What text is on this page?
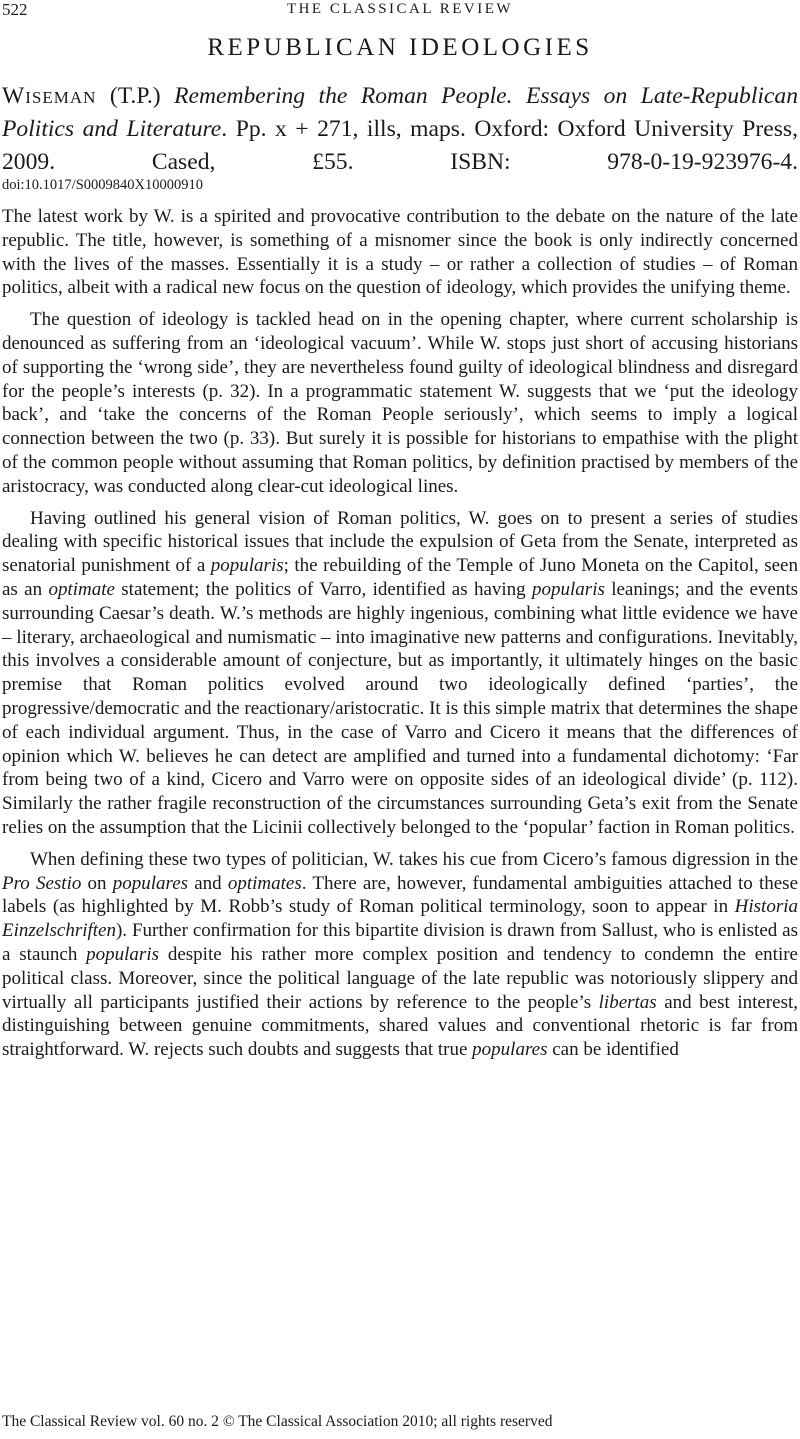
522	THE CLASSICAL REVIEW
REPUBLICAN IDEOLOGIES
Wiseman (T.P.) Remembering the Roman People. Essays on Late-Republican Politics and Literature. Pp. x + 271, ills, maps. Oxford: Oxford University Press, 2009. Cased, £55. ISBN: 978-0-19-923976-4.
doi:10.1017/S0009840X10000910

The latest work by W. is a spirited and provocative contribution to the debate on the nature of the late republic. The title, however, is something of a misnomer since the book is only indirectly concerned with the lives of the masses. Essentially it is a study – or rather a collection of studies – of Roman politics, albeit with a radical new focus on the question of ideology, which provides the unifying theme.

The question of ideology is tackled head on in the opening chapter, where current scholarship is denounced as suffering from an ‘ideological vacuum’. While W. stops just short of accusing historians of supporting the ‘wrong side’, they are nevertheless found guilty of ideological blindness and disregard for the people’s interests (p. 32). In a programmatic statement W. suggests that we ‘put the ideology back’, and ‘take the concerns of the Roman People seriously’, which seems to imply a logical connection between the two (p. 33). But surely it is possible for historians to empathise with the plight of the common people without assuming that Roman politics, by definition practised by members of the aristocracy, was conducted along clear-cut ideological lines.

Having outlined his general vision of Roman politics, W. goes on to present a series of studies dealing with specific historical issues that include the expulsion of Geta from the Senate, interpreted as senatorial punishment of a popularis; the rebuilding of the Temple of Juno Moneta on the Capitol, seen as an optimate statement; the politics of Varro, identified as having popularis leanings; and the events surrounding Caesar’s death. W.’s methods are highly ingenious, combining what little evidence we have – literary, archaeological and numismatic – into imaginative new patterns and configurations. Inevitably, this involves a considerable amount of conjecture, but as importantly, it ultimately hinges on the basic premise that Roman politics evolved around two ideologically defined ‘parties’, the progressive/democratic and the reactionary/aristocratic. It is this simple matrix that determines the shape of each individual argument. Thus, in the case of Varro and Cicero it means that the differences of opinion which W. believes he can detect are amplified and turned into a fundamental dichotomy: ‘Far from being two of a kind, Cicero and Varro were on opposite sides of an ideological divide’ (p. 112). Similarly the rather fragile reconstruction of the circumstances surrounding Geta’s exit from the Senate relies on the assumption that the Licinii collectively belonged to the ‘popular’ faction in Roman politics.

When defining these two types of politician, W. takes his cue from Cicero’s famous digression in the Pro Sestio on populares and optimates. There are, however, fundamental ambiguities attached to these labels (as highlighted by M. Robb’s study of Roman political terminology, soon to appear in Historia Einzelschriften). Further confirmation for this bipartite division is drawn from Sallust, who is enlisted as a staunch popularis despite his rather more complex position and tendency to condemn the entire political class. Moreover, since the political language of the late republic was notoriously slippery and virtually all participants justified their actions by reference to the people’s libertas and best interest, distinguishing between genuine commitments, shared values and conventional rhetoric is far from straightforward. W. rejects such doubts and suggests that true populares can be identified

The Classical Review vol. 60 no. 2 © The Classical Association 2010; all rights reserved
